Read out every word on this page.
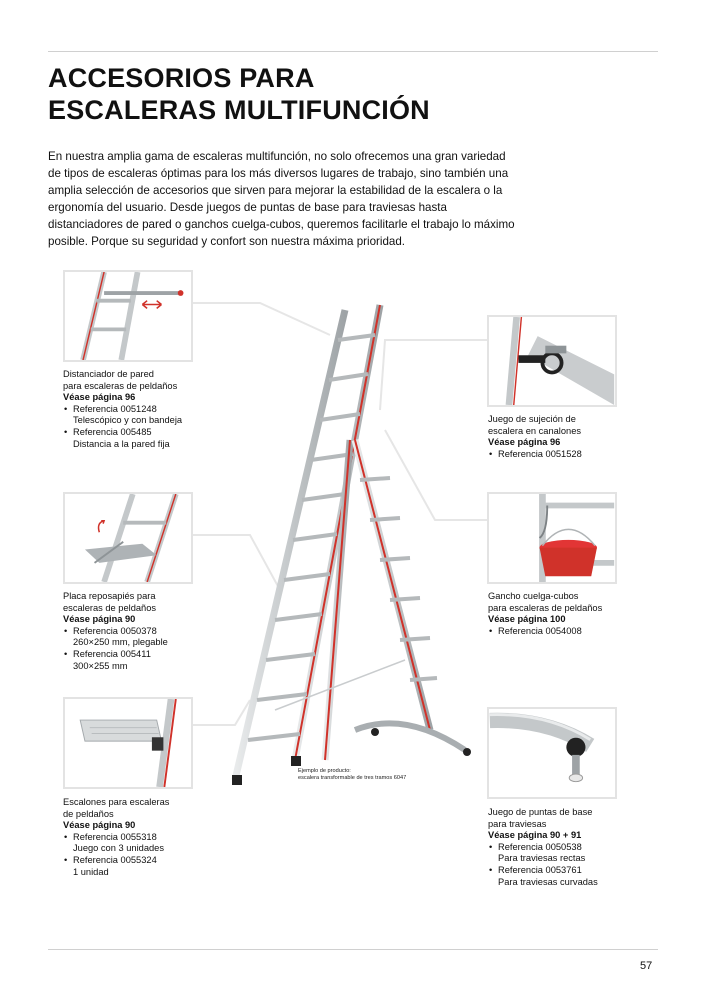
ACCESORIOS PARA
ESCALERAS MULTIFUNCIÓN

En nuestra amplia gama de escaleras multifunción, no solo ofrecemos una gran variedad de tipos de escaleras óptimas para los más diversos lugares de trabajo, sino también una amplia selección de accesorios que sirven para mejorar la estabilidad de la escalera o la ergonomía del usuario. Desde juegos de puntas de base para traviesas hasta distanciadores de pared o ganchos cuelga-cubos, queremos facilitarle el trabajo lo máximo posible. Porque su seguridad y confort son nuestra máxima prioridad.

Ejemplo de producto:
escalera transformable de tres tramos 6047
Distanciador de pared
para escaleras de peldaños
Véase página 96
• Referencia 0051248
Telescópico y con bandeja
• Referencia 005485
Distancia a la pared fija
Placa reposapiés para
escaleras de peldaños
Véase página 90
• Referencia 0050378
260×250 mm, plegable
• Referencia 005411
300×255 mm
Escalones para escaleras
de peldaños
Véase página 90
• Referencia 0055318
Juego con 3 unidades
• Referencia 0055324
1 unidad
Juego de sujeción de
escalera en canalones
Véase página 96
• Referencia 0051528
Gancho cuelga-cubos
para escaleras de peldaños
Véase página 100
• Referencia 0054008
Juego de puntas de base
para traviesas
Véase página 90 + 91
• Referencia 0050538
Para traviesas rectas
• Referencia 0053761
Para traviesas curvadas
57
